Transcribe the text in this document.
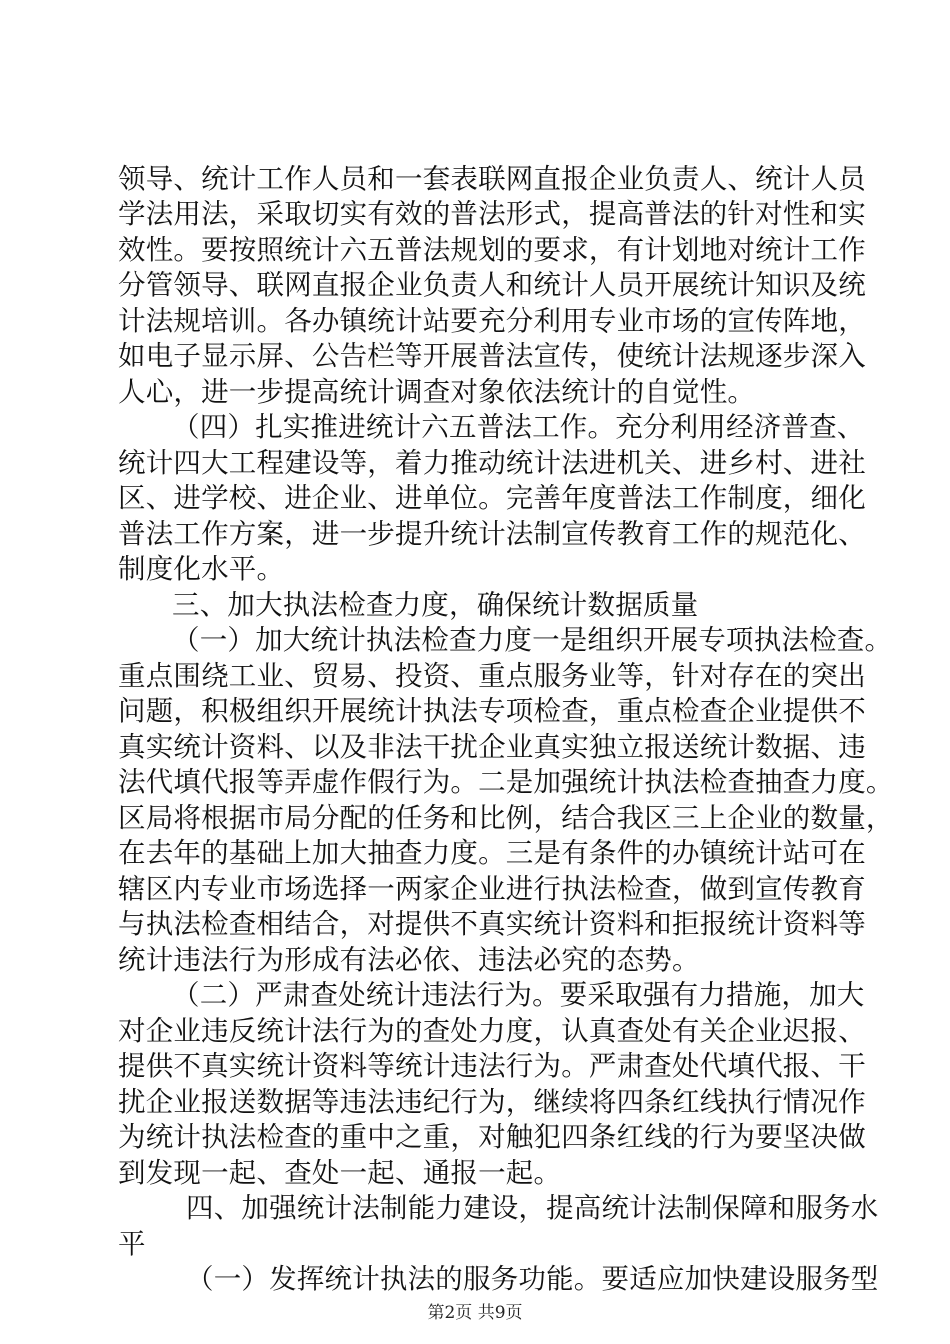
领导、统计工作人员和一套表联网直报企业负责人、统计人员
学法用法，采取切实有效的普法形式，提高普法的针对性和实
效性。要按照统计六五普法规划的要求，有计划地对统计工作
分管领导、联网直报企业负责人和统计人员开展统计知识及统
计法规培训。各办镇统计站要充分利用专业市场的宣传阵地，
如电子显示屏、公告栏等开展普法宣传，使统计法规逐步深入
人心，进一步提高统计调查对象依法统计的自觉性。
（四）扎实推进统计六五普法工作。充分利用经济普查、
统计四大工程建设等，着力推动统计法进机关、进乡村、进社
区、进学校、进企业、进单位。完善年度普法工作制度，细化
普法工作方案，进一步提升统计法制宣传教育工作的规范化、
制度化水平。
三、加大执法检查力度，确保统计数据质量
（一）加大统计执法检查力度一是组织开展专项执法检查。
重点围绕工业、贸易、投资、重点服务业等，针对存在的突出
问题，积极组织开展统计执法专项检查，重点检查企业提供不
真实统计资料、以及非法干扰企业真实独立报送统计数据、违
法代填代报等弄虚作假行为。二是加强统计执法检查抽查力度。
区局将根据市局分配的任务和比例，结合我区三上企业的数量，
在去年的基础上加大抽查力度。三是有条件的办镇统计站可在
辖区内专业市场选择一两家企业进行执法检查，做到宣传教育
与执法检查相结合，对提供不真实统计资料和拒报统计资料等
统计违法行为形成有法必依、违法必究的态势。
（二）严肃查处统计违法行为。要采取强有力措施，加大
对企业违反统计法行为的查处力度，认真查处有关企业迟报、
提供不真实统计资料等统计违法行为。严肃查处代填代报、干
扰企业报送数据等违法违纪行为，继续将四条红线执行情况作
为统计执法检查的重中之重，对触犯四条红线的行为要坚决做
到发现一起、查处一起、通报一起。
四、加强统计法制能力建设，提高统计法制保障和服务水
平
（一）发挥统计执法的服务功能。要适应加快建设服务型
第2页 共9页
